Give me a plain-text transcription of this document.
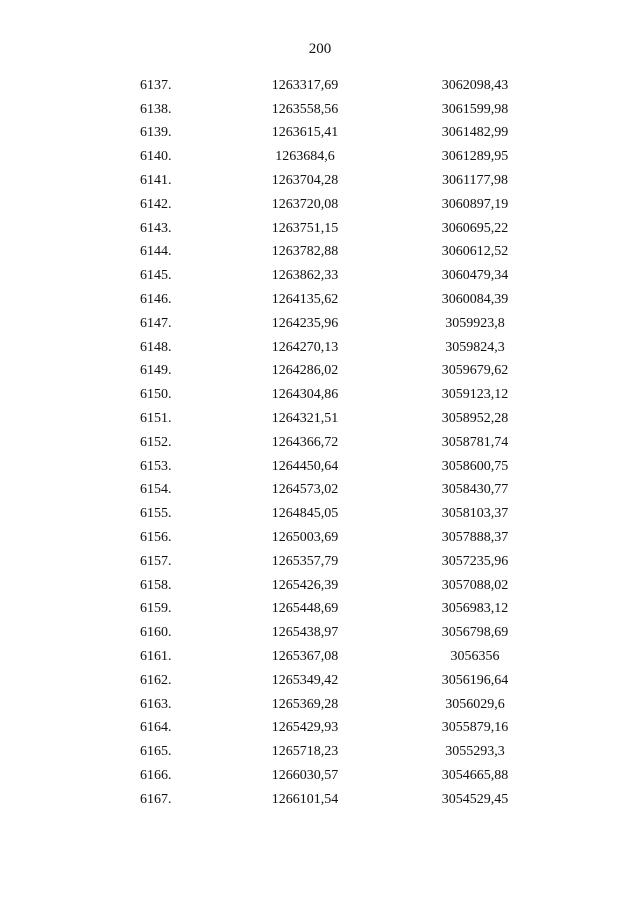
200
6137.	1263317,69	3062098,43
6138.	1263558,56	3061599,98
6139.	1263615,41	3061482,99
6140.	1263684,6	3061289,95
6141.	1263704,28	3061177,98
6142.	1263720,08	3060897,19
6143.	1263751,15	3060695,22
6144.	1263782,88	3060612,52
6145.	1263862,33	3060479,34
6146.	1264135,62	3060084,39
6147.	1264235,96	3059923,8
6148.	1264270,13	3059824,3
6149.	1264286,02	3059679,62
6150.	1264304,86	3059123,12
6151.	1264321,51	3058952,28
6152.	1264366,72	3058781,74
6153.	1264450,64	3058600,75
6154.	1264573,02	3058430,77
6155.	1264845,05	3058103,37
6156.	1265003,69	3057888,37
6157.	1265357,79	3057235,96
6158.	1265426,39	3057088,02
6159.	1265448,69	3056983,12
6160.	1265438,97	3056798,69
6161.	1265367,08	3056356
6162.	1265349,42	3056196,64
6163.	1265369,28	3056029,6
6164.	1265429,93	3055879,16
6165.	1265718,23	3055293,3
6166.	1266030,57	3054665,88
6167.	1266101,54	3054529,45
